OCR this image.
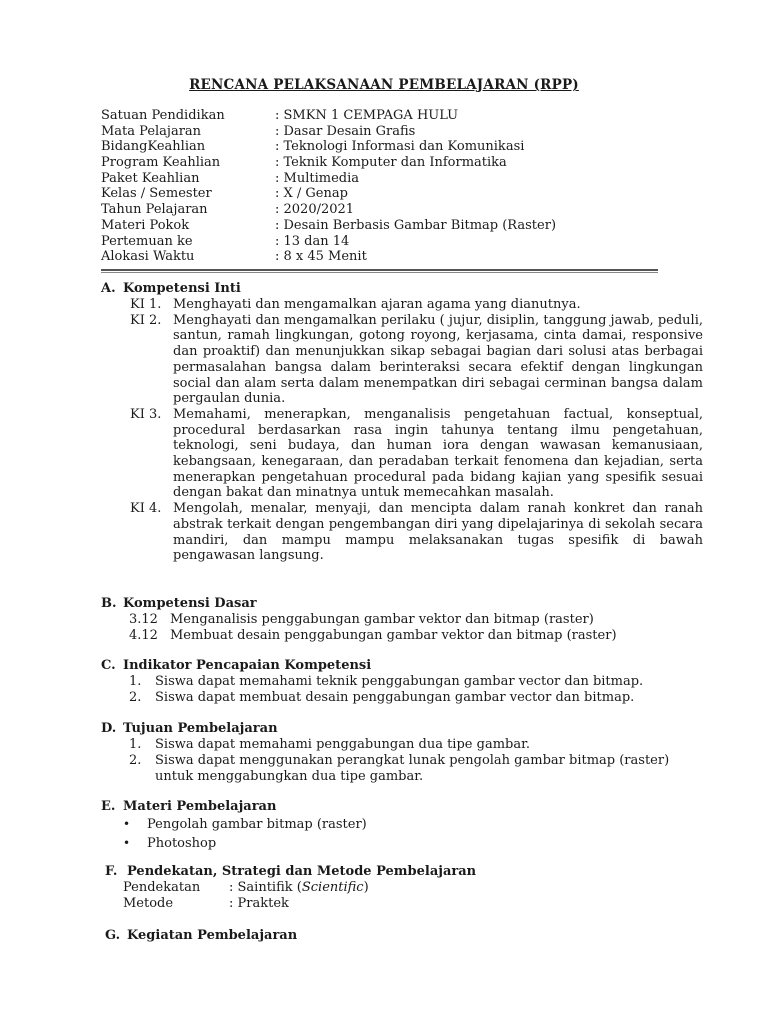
RENCANA PELAKSANAAN PEMBELAJARAN (RPP)
Satuan Pendidikan	: SMKN 1 CEMPAGA HULU
Mata Pelajaran	: Dasar Desain Grafis
BidangKeahlian	: Teknologi Informasi dan Komunikasi
Program Keahlian	: Teknik Komputer dan Informatika
Paket Keahlian	: Multimedia
Kelas / Semester	: X / Genap
Tahun Pelajaran	: 2020/2021
Materi Pokok	: Desain Berbasis Gambar Bitmap (Raster)
Pertemuan ke	: 13 dan 14
Alokasi Waktu	: 8 x 45 Menit
A. Kompetensi Inti
KI 1. Menghayati dan mengamalkan ajaran agama yang dianutnya.
KI 2. Menghayati dan mengamalkan perilaku ( jujur, disiplin, tanggung jawab, peduli, santun, ramah lingkungan, gotong royong, kerjasama, cinta damai, responsive dan proaktif) dan menunjukkan sikap sebagai bagian dari solusi atas berbagai permasalahan bangsa dalam berinteraksi secara efektif dengan lingkungan social dan alam serta dalam menempatkan diri sebagai cerminan bangsa dalam pergaulan dunia.
KI 3. Memahami, menerapkan, menganalisis pengetahuan factual, konseptual, procedural berdasarkan rasa ingin tahunya tentang ilmu pengetahuan, teknologi, seni budaya, dan human iora dengan wawasan kemanusiaan, kebangsaan, kenegaraan, dan peradaban terkait fenomena dan kejadian, serta menerapkan pengetahuan procedural pada bidang kajian yang spesifik sesuai dengan bakat dan minatnya untuk memecahkan masalah.
KI 4. Mengolah, menalar, menyaji, dan mencipta dalam ranah konkret dan ranah abstrak terkait dengan pengembangan diri yang dipelajarinya di sekolah secara mandiri, dan mampu mampu melaksanakan tugas spesifik di bawah pengawasan langsung.
B. Kompetensi Dasar
3.12 Menganalisis penggabungan gambar vektor dan bitmap (raster)
4.12 Membuat desain penggabungan gambar vektor dan bitmap (raster)
C. Indikator Pencapaian Kompetensi
1. Siswa dapat memahami teknik penggabungan gambar vector dan bitmap.
2. Siswa dapat membuat desain penggabungan gambar vector dan bitmap.
D. Tujuan Pembelajaran
1. Siswa dapat memahami penggabungan dua tipe gambar.
2. Siswa dapat menggunakan perangkat lunak pengolah gambar bitmap (raster) untuk menggabungkan dua tipe gambar.
E. Materi Pembelajaran
• Pengolah gambar bitmap (raster)
• Photoshop
F. Pendekatan, Strategi dan Metode Pembelajaran
Pendekatan : Saintifik (Scientific)
Metode	: Praktek
G. Kegiatan Pembelajaran
